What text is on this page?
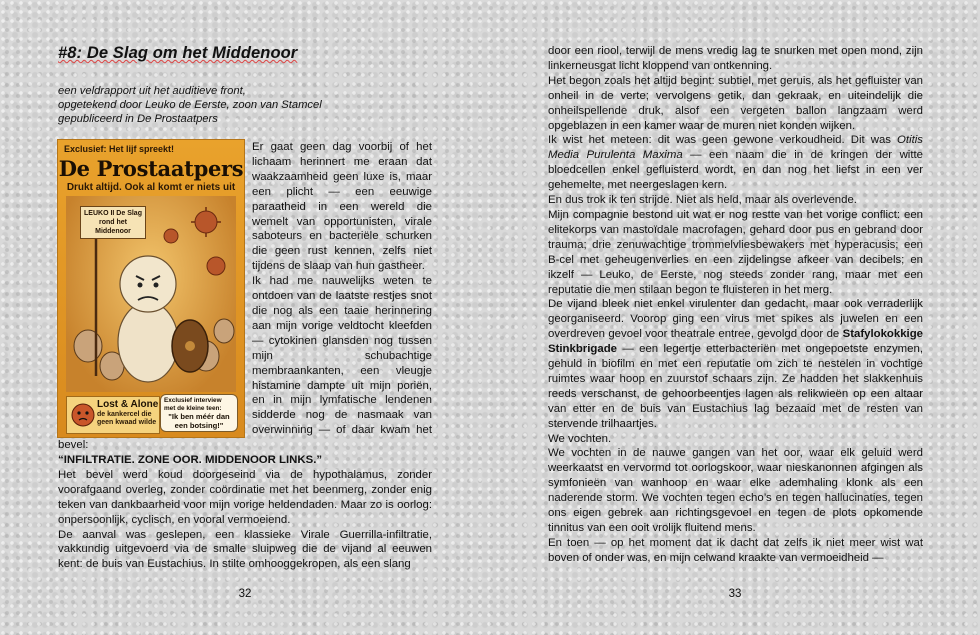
#8: De Slag om het Middenoor
een veldrapport uit het auditieve front,
opgetekend door Leuko de Eerste, zoon van Stamcel
gepubliceerd in De Prostaatpers
Exclusief: Het lijf spreekt!
De Prostaatpers
Drukt altijd. Ook al komt er niets uit
LEUKO II De Slag rond het Middenoor
Lost & Alone
de kankercel die geen kwaad wilde
Exclusief interview met de kleine teen:
"Ik ben méér dan een botsing!"

Er gaat geen dag voorbij of het lichaam herinnert me eraan dat waakzaamheid geen luxe is, maar een plicht — een eeuwige paraatheid in een wereld die wemelt van opportunisten, virale saboteurs en bacteriële schurken die geen rust kennen, zelfs niet tijdens de slaap van hun gastheer.

Ik had me nauwelijks weten te ontdoen van de laatste restjes snot die nog als een taaie herinnering aan mijn vorige veldtocht kleefden — cytokinen glansden nog tussen mijn schubachtige membraankanten, een vleugje histamine dampte uit mijn poriën, en in mijn lymfatische lendenen sidderde nog de nasmaak van overwinning — of daar kwam het bevel:

“INFILTRATIE. ZONE OOR. MIDDENOOR LINKS.”

Het bevel werd koud doorgeseind via de hypothalamus, zonder voorafgaand overleg, zonder coördinatie met het beenmerg, zonder enig teken van dankbaarheid voor mijn vorige heldendaden. Maar zo is oorlog: onpersoonlijk, cyclisch, en vooral vermoeiend.

De aanval was geslepen, een klassieke Virale Guerrilla-infiltratie, vakkundig uitgevoerd via de smalle sluipweg die de vijand al eeuwen kent: de buis van Eustachius. In stilte omhooggekropen, als een slang

32

door een riool, terwijl de mens vredig lag te snurken met open mond, zijn linkerneusgat licht kloppend van ontkenning.

Het begon zoals het altijd begint: subtiel, met geruis, als het gefluister van onheil in de verte; vervolgens getik, dan gekraak, en uiteindelijk die onheilspellende druk, alsof een vergeten ballon langzaam werd opgeblazen in een kamer waar de muren niet konden wijken.

Ik wist het meteen: dit was geen gewone verkoudheid. Dit was Otitis Media Purulenta Maxima — een naam die in de kringen der witte bloedcellen enkel gefluisterd wordt, en dan nog het liefst in een ver gehemelte, met neergeslagen kern.

En dus trok ik ten strijde. Niet als held, maar als overlevende.

Mijn compagnie bestond uit wat er nog restte van het vorige conflict: een elitekorps van mastoïdale macrofagen, gehard door pus en gebrand door trauma; drie zenuwachtige trommelvliesbewakers met hyperacusis; een B-cel met geheugenverlies en een zijdelingse afkeer van decibels; en ikzelf — Leuko, de Eerste, nog steeds zonder rang, maar met een reputatie die men stilaan begon te fluisteren in het merg.

De vijand bleek niet enkel virulenter dan gedacht, maar ook verraderlijk georganiseerd. Voorop ging een virus met spikes als juwelen en een overdreven gevoel voor theatrale entree, gevolgd door de Stafylokokkige Stinkbrigade — een legertje etterbacteriën met ongepoetste enzymen, gehuld in biofilm en met een reputatie om zich te nestelen in vochtige ruimtes waar hoop en zuurstof schaars zijn. Ze hadden het slakkenhuis reeds verschanst, de gehoorbeentjes lagen als relikwieën op een altaar van etter en de buis van Eustachius lag bezaaid met de resten van stervende trilhaartjes.

We vochten.

We vochten in de nauwe gangen van het oor, waar elk geluid werd weerkaatst en vervormd tot oorlogskoor, waar nieskanonnen afgingen als symfonieën van wanhoop en waar elke ademhaling klonk als een naderende storm. We vochten tegen echo’s en tegen hallucinaties, tegen ons eigen gebrek aan richtingsgevoel en tegen de plots opkomende tinnitus van een ooit vrolijk fluitend mens.

En toen — op het moment dat ik dacht dat zelfs ik niet meer wist wat boven of onder was, en mijn celwand kraakte van vermoeidheid —

33
